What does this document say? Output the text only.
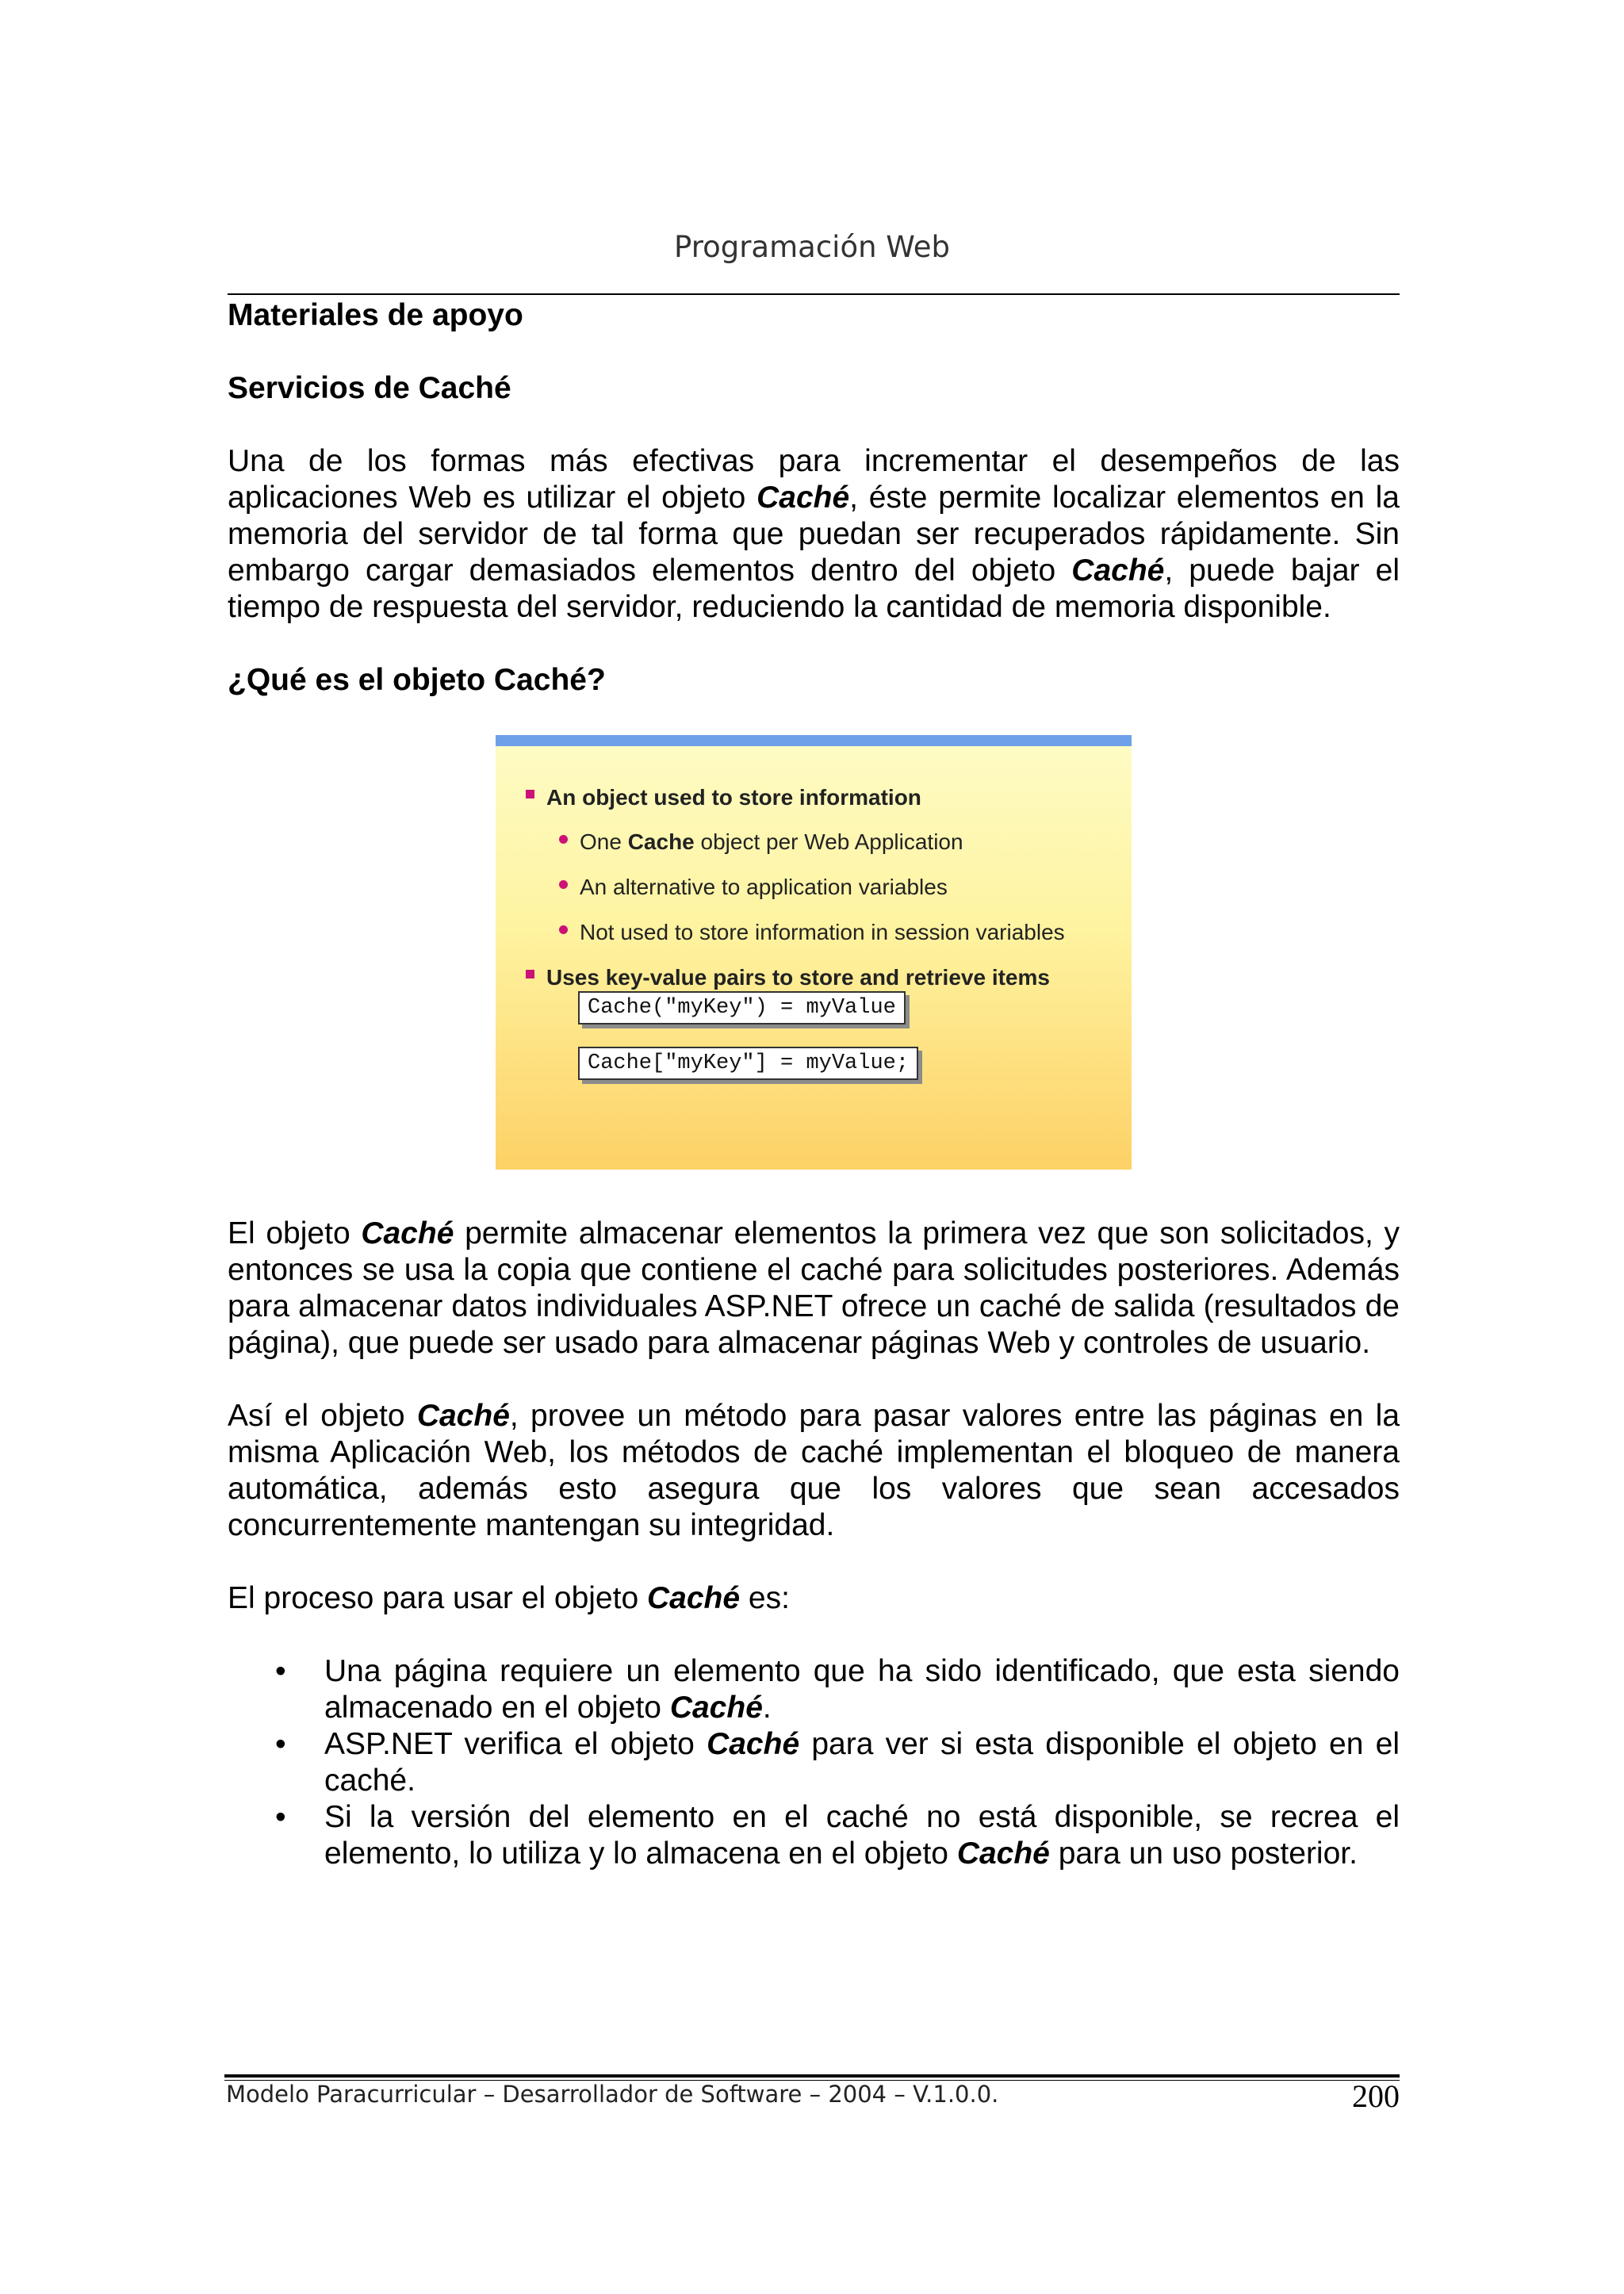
Programación Web

Materiales de apoyo

Servicios de Caché

Una de los formas más efectivas para incrementar el desempeños de las aplicaciones Web es utilizar el objeto Caché, éste permite localizar elementos en la memoria del servidor de tal forma que puedan ser recuperados rápidamente. Sin embargo cargar demasiados elementos dentro del objeto Caché, puede bajar el tiempo de respuesta del servidor, reduciendo la cantidad de memoria disponible.

¿Qué es el objeto Caché?

An object used to store information
One Cache object per Web Application
An alternative to application variables
Not used to store information in session variables
Uses key-value pairs to store and retrieve items
Cache("myKey") = myValue
Cache["myKey"] = myValue;

El objeto Caché permite almacenar elementos la primera vez que son solicitados, y entonces se usa la copia que contiene el caché para solicitudes posteriores. Además para almacenar datos individuales ASP.NET ofrece un caché de salida (resultados de página), que puede ser usado para almacenar páginas Web y controles de usuario.

Así el objeto Caché, provee un método para pasar valores entre las páginas en la misma Aplicación Web, los métodos de caché implementan el bloqueo de manera automática, además esto asegura que los valores que sean accesados concurrentemente mantengan su integridad.

El proceso para usar el objeto Caché es:

• Una página requiere un elemento que ha sido identificado, que esta siendo almacenado en el objeto Caché.
• ASP.NET verifica el objeto Caché para ver si esta disponible el objeto en el caché.
• Si la versión del elemento en el caché no está disponible, se recrea el elemento, lo utiliza y lo almacena en el objeto Caché para un uso posterior.
Modelo Paracurricular – Desarrollador de Software – 2004 – V.1.0.0.	200
